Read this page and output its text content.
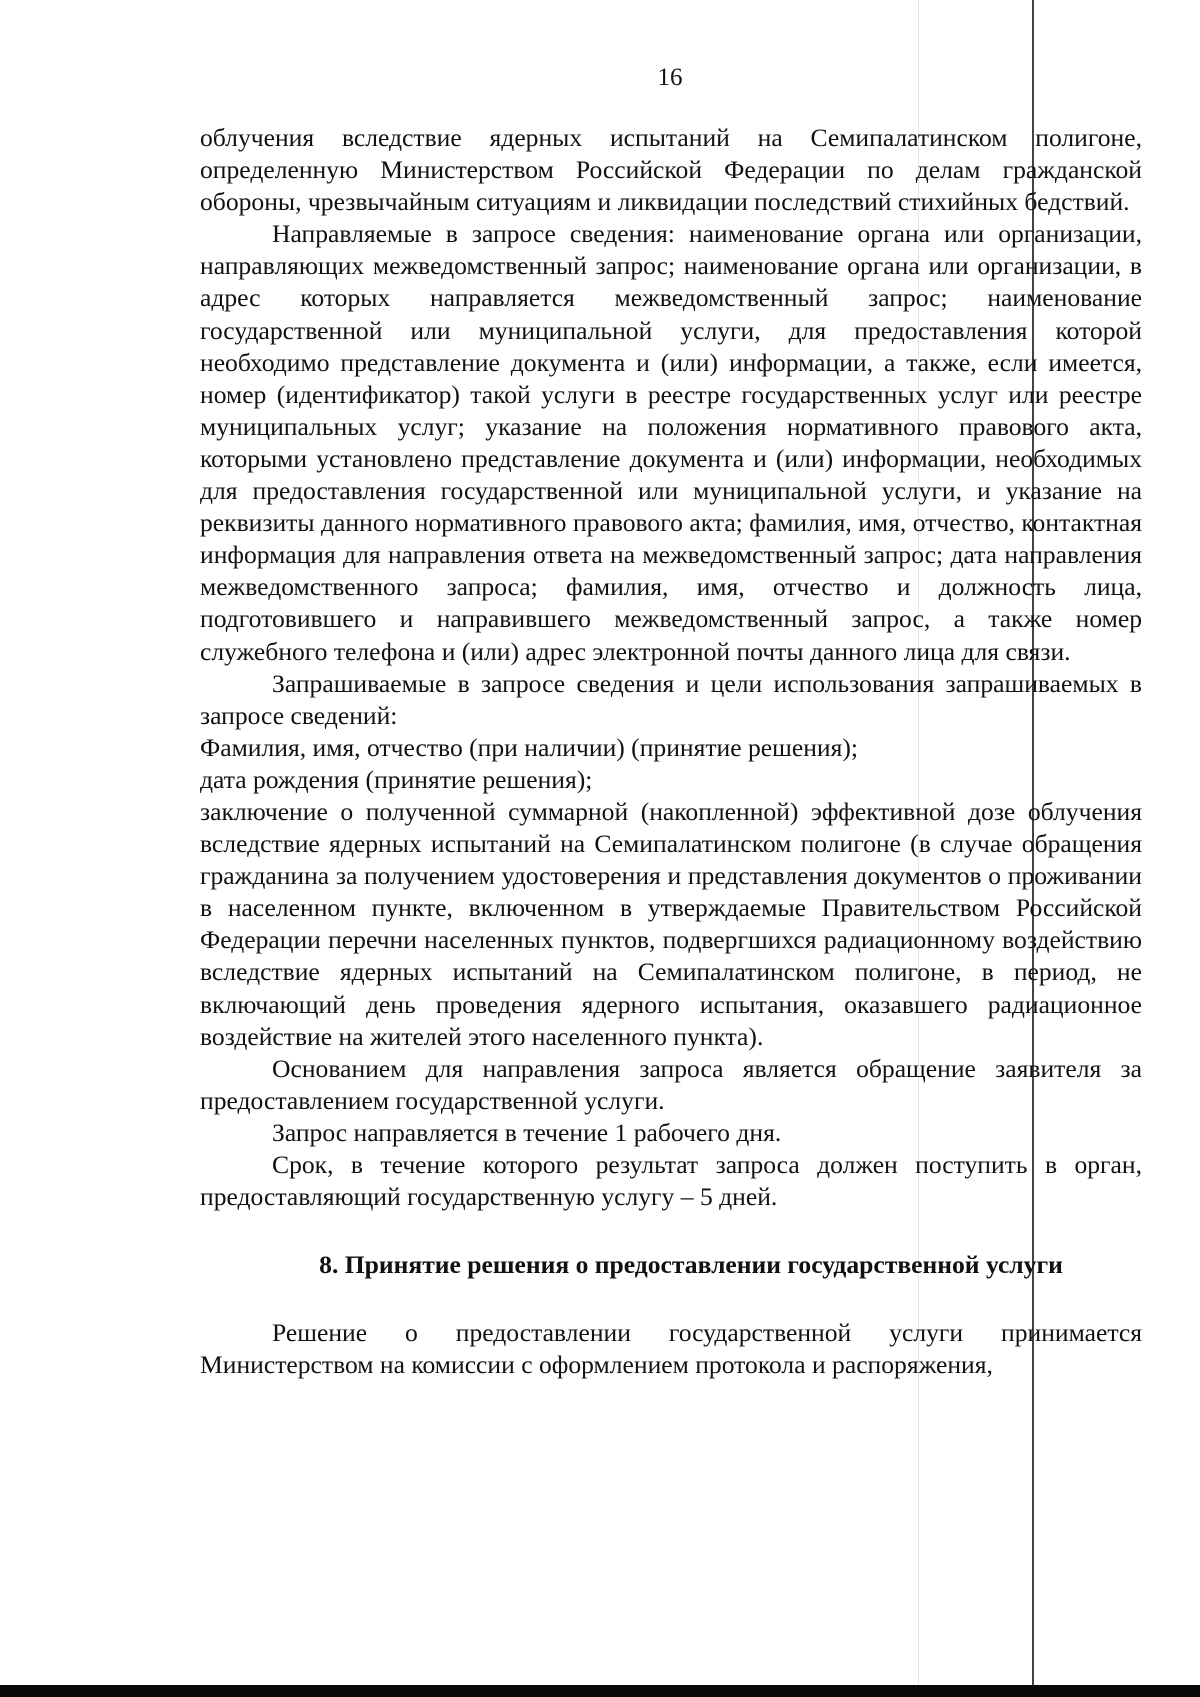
16

облучения вследствие ядерных испытаний на Семипалатинском полигоне, определенную Министерством Российской Федерации по делам гражданской обороны, чрезвычайным ситуациям и ликвидации последствий стихийных бедствий.

Направляемые в запросе сведения: наименование органа или организации, направляющих межведомственный запрос; наименование органа или организации, в адрес которых направляется межведомственный запрос; наименование государственной или муниципальной услуги, для предоставления которой необходимо представление документа и (или) информации, а также, если имеется, номер (идентификатор) такой услуги в реестре государственных услуг или реестре муниципальных услуг; указание на положения нормативного правового акта, которыми установлено представление документа и (или) информации, необходимых для предоставления государственной или муниципальной услуги, и указание на реквизиты данного нормативного правового акта; фамилия, имя, отчество, контактная информация для направления ответа на межведомственный запрос; дата направления межведомственного запроса; фамилия, имя, отчество и должность лица, подготовившего и направившего межведомственный запрос, а также номер служебного телефона и (или) адрес электронной почты данного лица для связи.

Запрашиваемые в запросе сведения и цели использования запрашиваемых в запросе сведений:

Фамилия, имя, отчество (при наличии) (принятие решения);

дата рождения (принятие решения);

заключение о полученной суммарной (накопленной) эффективной дозе облучения вследствие ядерных испытаний на Семипалатинском полигоне (в случае обращения гражданина за получением удостоверения и представления документов о проживании в населенном пункте, включенном в утверждаемые Правительством Российской Федерации перечни населенных пунктов, подвергшихся радиационному воздействию вследствие ядерных испытаний на Семипалатинском полигоне, в период, не включающий день проведения ядерного испытания, оказавшего радиационное воздействие на жителей этого населенного пункта).

Основанием для направления запроса является обращение заявителя за предоставлением государственной услуги.

Запрос направляется в течение 1 рабочего дня.

Срок, в течение которого результат запроса должен поступить в орган, предоставляющий государственную услугу – 5 дней.

8. Принятие решения о предоставлении государственной услуги

Решение о предоставлении государственной услуги принимается Министерством на комиссии с оформлением протокола и распоряжения,
